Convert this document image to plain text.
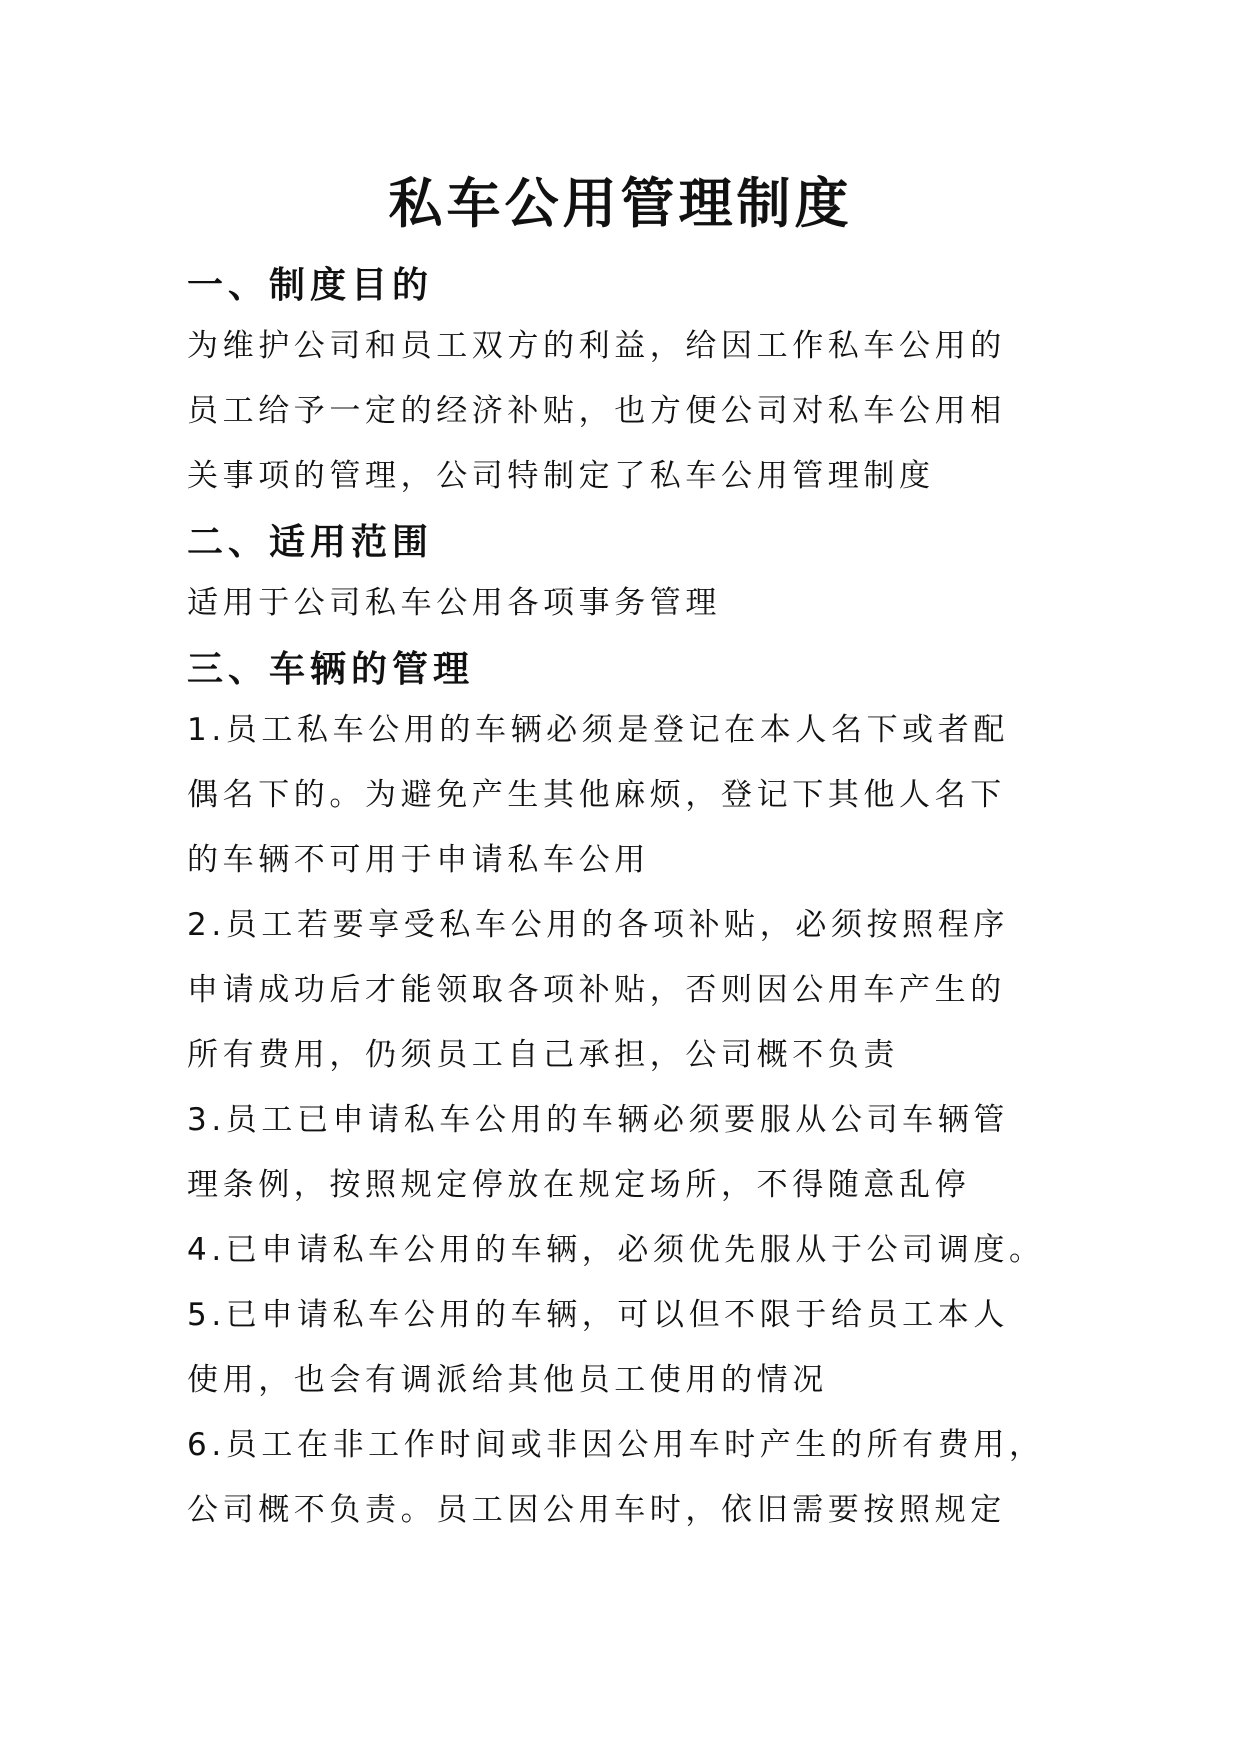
私车公用管理制度
一、制度目的

为维护公司和员工双方的利益，给因工作私车公用的

员工给予一定的经济补贴，也方便公司对私车公用相

关事项的管理，公司特制定了私车公用管理制度

二、适用范围

适用于公司私车公用各项事务管理

三、车辆的管理

1.员工私车公用的车辆必须是登记在本人名下或者配

偶名下的。为避免产生其他麻烦，登记下其他人名下

的车辆不可用于申请私车公用

2.员工若要享受私车公用的各项补贴，必须按照程序

申请成功后才能领取各项补贴，否则因公用车产生的

所有费用，仍须员工自己承担，公司概不负责

3.员工已申请私车公用的车辆必须要服从公司车辆管

理条例，按照规定停放在规定场所，不得随意乱停

4.已申请私车公用的车辆，必须优先服从于公司调度。

5.已申请私车公用的车辆，可以但不限于给员工本人

使用，也会有调派给其他员工使用的情况

6.员工在非工作时间或非因公用车时产生的所有费用，

公司概不负责。员工因公用车时，依旧需要按照规定
